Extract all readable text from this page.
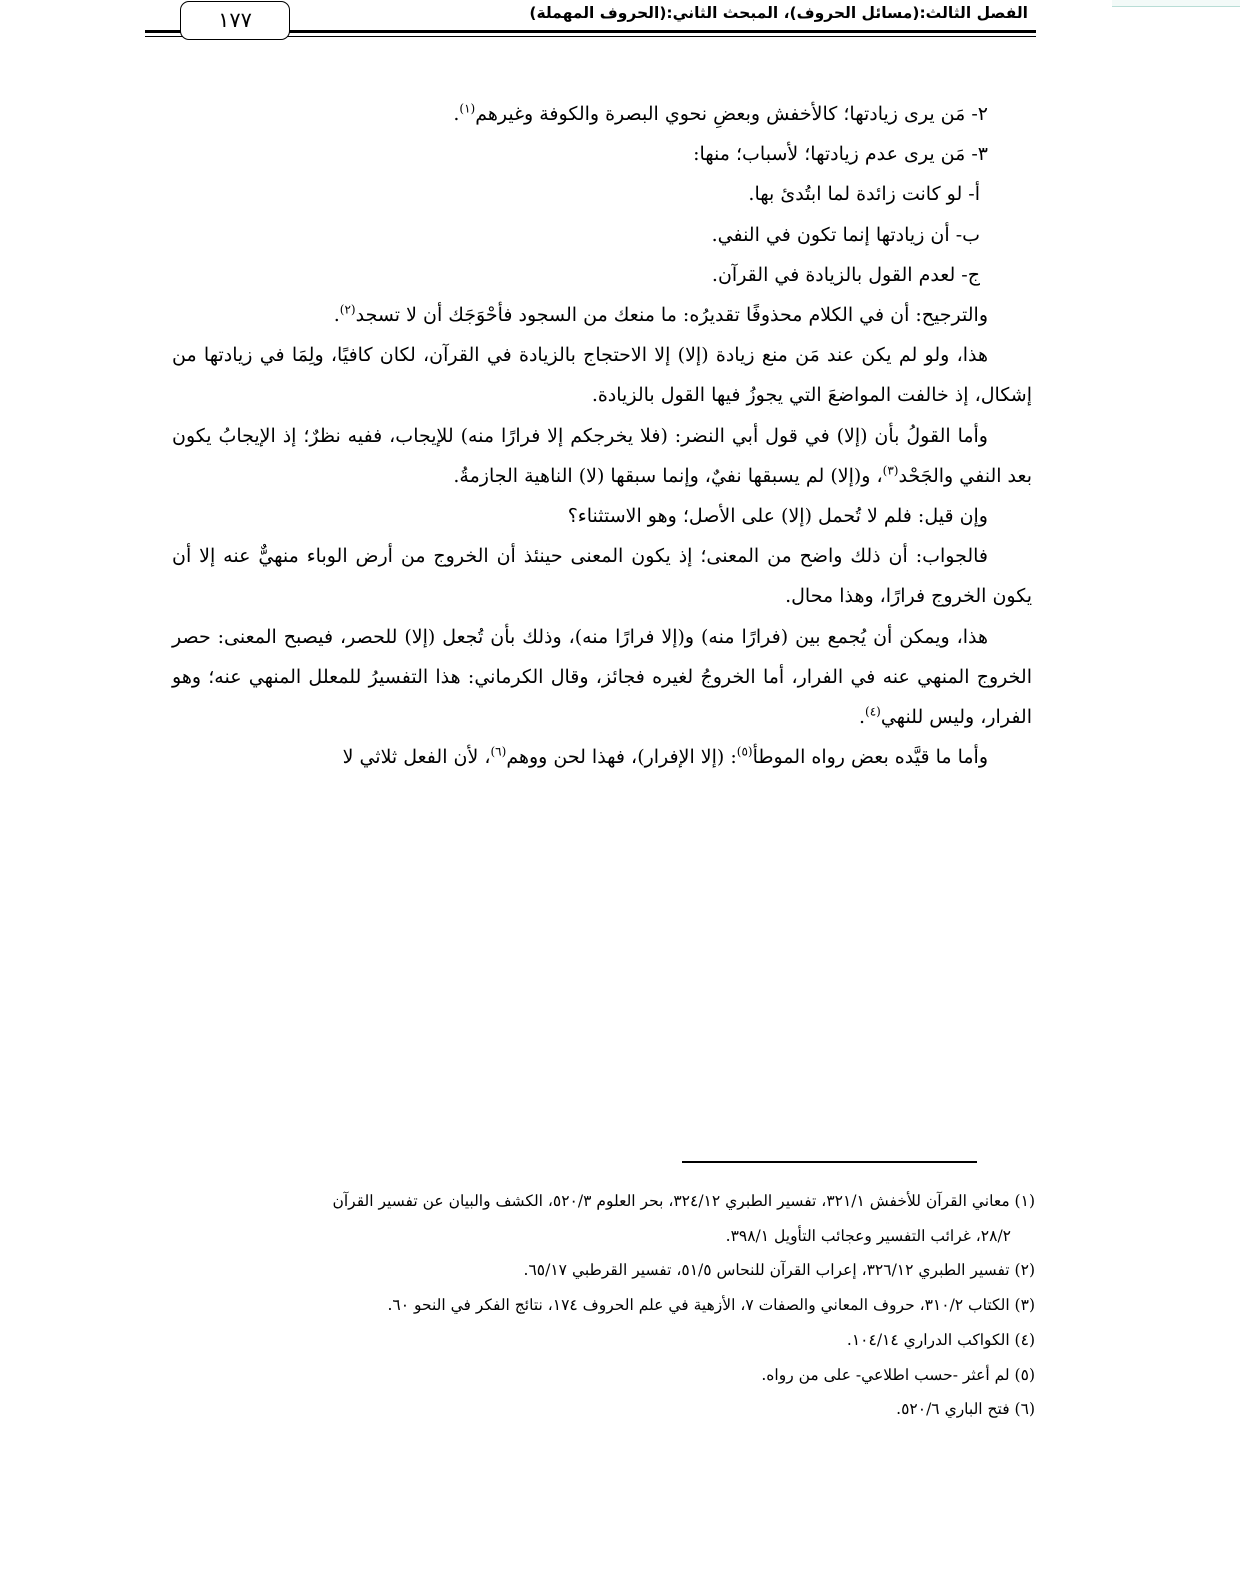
الفصل الثالث:(مسائل الحروف)، المبحث الثاني:(الحروف المهملة)
١٧٧

٢- مَن يرى زيادتها؛ كالأخفش وبعضِ نحوي البصرة والكوفة وغيرهم$^{(١)}$.

٣- مَن يرى عدم زيادتها؛ لأسباب؛ منها:

أ- لو كانت زائدة لما ابتُدئ بها.

ب- أن زيادتها إنما تكون في النفي.

ج- لعدم القول بالزيادة في القرآن.

والترجيح: أن في الكلام محذوفًا تقديرُه: ما منعك من السجود فأحْوَجَك أن لا تسجد$^{(٢)}$.

هذا، ولو لم يكن عند مَن منع زيادة (إلا) إلا الاحتجاج بالزيادة في القرآن، لكان كافيًا، ولِمَا في زيادتها من إشكال، إذ خالفت المواضعَ التي يجوزُ فيها القول بالزيادة.

وأما القولُ بأن (إلا) في قول أبي النضر: (فلا يخرجكم إلا فرارًا منه) للإيجاب، ففيه نظرٌ؛ إذ الإيجابُ يكون بعد النفي والجَحْد$^{(٣)}$، و(إلا) لم يسبقها نفيٌ، وإنما سبقها (لا) الناهية الجازمةُ.

وإن قيل: فلم لا تُحمل (إلا) على الأصل؛ وهو الاستثناء؟

فالجواب: أن ذلك واضح من المعنى؛ إذ يكون المعنى حينئذ أن الخروج من أرض الوباء منهيٌّ عنه إلا أن يكون الخروج فرارًا، وهذا محال.

هذا، ويمكن أن يُجمع بين (فرارًا منه) و(إلا فرارًا منه)، وذلك بأن تُجعل (إلا) للحصر، فيصبح المعنى: حصر الخروج المنهي عنه في الفرار، أما الخروجُ لغيره فجائز، وقال الكرماني: هذا التفسيرُ للمعلل المنهي عنه؛ وهو الفرار، وليس للنهي$^{(٤)}$.

وأما ما قيَّده بعض رواه الموطأ$^{(٥)}$: (إلا الإفرار)، فهذا لحن ووهم$^{(٦)}$، لأن الفعل ثلاثي لا

(١) معاني القرآن للأخفش ٣٢١/١، تفسير الطبري ٣٢٤/١٢، بحر العلوم ٥٢٠/٣، الكشف والبيان عن تفسير القرآن

٢٨/٢، غرائب التفسير وعجائب التأويل ٣٩٨/١.

(٢) تفسير الطبري ٣٢٦/١٢، إعراب القرآن للنحاس ٥١/٥، تفسير القرطبي ٦٥/١٧.

(٣) الكتاب ٣١٠/٢، حروف المعاني والصفات ٧، الأزهية في علم الحروف ١٧٤، نتائج الفكر في النحو ٦٠.

(٤) الكواكب الدراري ١٠٤/١٤.

(٥) لم أعثر -حسب اطلاعي- على من رواه.

(٦) فتح الباري ٥٢٠/٦.
